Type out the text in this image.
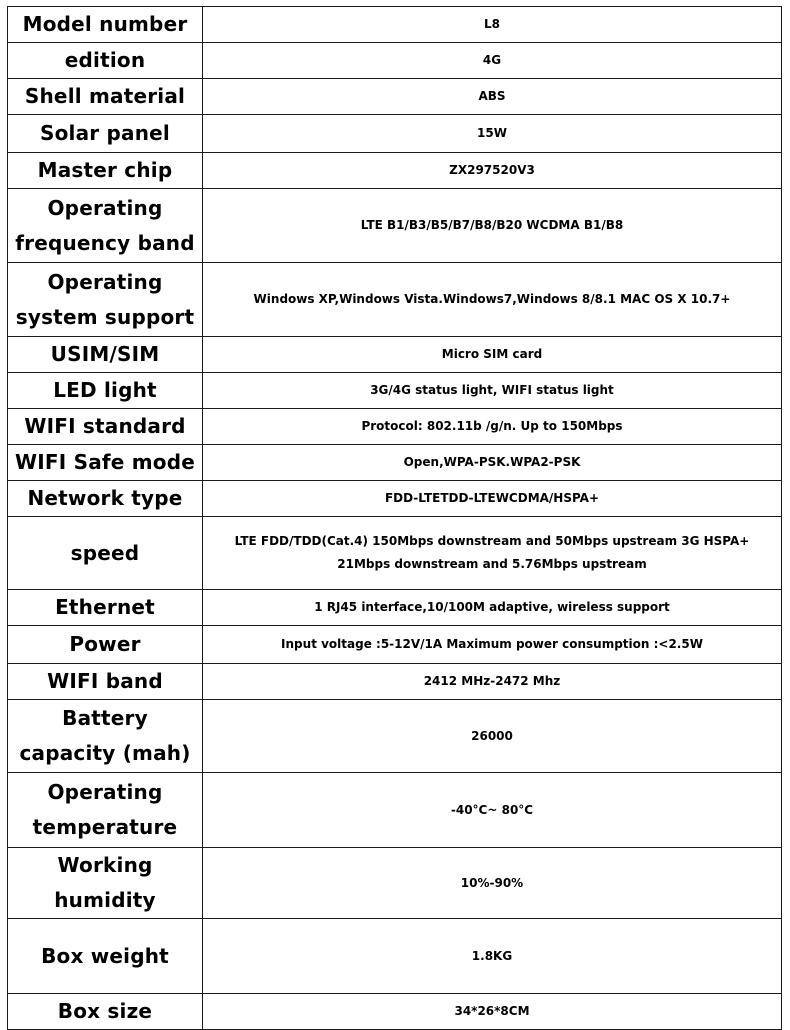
Model number	L8
edition	4G
Shell material	ABS
Solar panel	15W
Master chip	ZX297520V3
Operating frequency band	LTE B1/B3/B5/B7/B8/B20 WCDMA B1/B8
Operating system support	Windows XP,Windows Vista.Windows7,Windows 8/8.1 MAC OS X 10.7+
USIM/SIM	Micro SIM card
LED light	3G/4G status light, WIFI status light
WIFI standard	Protocol: 802.11b /g/n. Up to 150Mbps
WIFI Safe mode	Open,WPA-PSK.WPA2-PSK
Network type	FDD-LTETDD-LTEWCDMA/HSPA+
speed	LTE FDD/TDD(Cat.4) 150Mbps downstream and 50Mbps upstream 3G HSPA+ 21Mbps downstream and 5.76Mbps upstream
Ethernet	1 RJ45 interface,10/100M adaptive, wireless support
Power	Input voltage :5-12V/1A Maximum power consumption :<2.5W
WIFI band	2412 MHz-2472 Mhz
Battery capacity (mah)	26000
Operating temperature	-40°C~ 80°C
Working humidity	10%-90%
Box weight	1.8KG
Box size	34*26*8CM
